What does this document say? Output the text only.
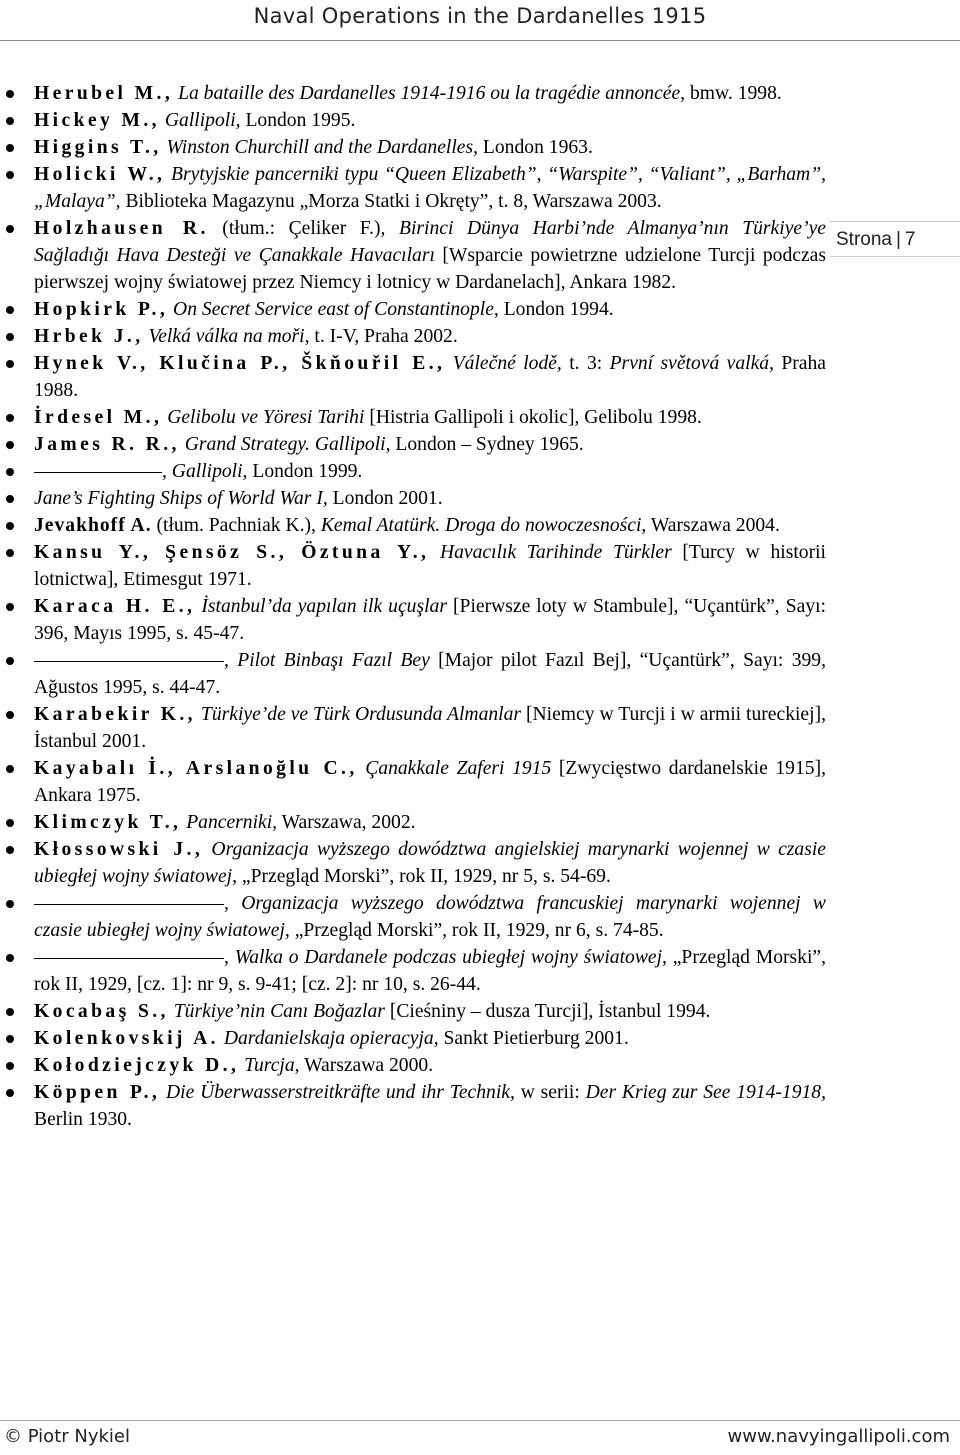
Naval Operations in the Dardanelles 1915
Strona | 7
Herubel M., La bataille des Dardanelles 1914-1916 ou la tragédie annoncée, bmw. 1998.
Hickey M., Gallipoli, London 1995.
Higgins T., Winston Churchill and the Dardanelles, London 1963.
Holicki W., Brytyjskie pancerniki typu “Queen Elizabeth”, “Warspite”, “Valiant”, „Barham”, „Malaya”, Biblioteka Magazynu „Morza Statki i Okręty”, t. 8, Warszawa 2003.
Holzhausen R. (tłum.: Çeliker F.), Birinci Dünya Harbi’nde Almanya’nın Türkiye’ye Sağladığı Hava Desteği ve Çanakkale Havacıları [Wsparcie powietrzne udzielone Turcji podczas pierwszej wojny światowej przez Niemcy i lotnicy w Dardanelach], Ankara 1982.
Hopkirk P., On Secret Service east of Constantinople, London 1994.
Hrbek J., Velká válka na moři, t. I-V, Praha 2002.
Hynek V., Klučina P., Škňouřil E., Válečné lodě, t. 3: První světová valká, Praha 1988.
İrdesel M., Gelibolu ve Yöresi Tarihi [Histria Gallipoli i okolic], Gelibolu 1998.
James R. R., Grand Strategy. Gallipoli, London – Sydney 1965.
, Gallipoli, London 1999.
Jane’s Fighting Ships of World War I, London 2001.
Jevakhoff A. (tłum. Pachniak K.), Kemal Atatürk. Droga do nowoczesności, Warszawa 2004.
Kansu Y., Şensöz S., Öztuna Y., Havacılık Tarihinde Türkler [Turcy w historii lotnictwa], Etimesgut 1971.
Karaca H. E., İstanbul’da yapılan ilk uçuşlar [Pierwsze loty w Stambule], “Uçantürk”, Sayı: 396, Mayıs 1995, s. 45-47.
, Pilot Binbaşı Fazıl Bey [Major pilot Fazıl Bej], “Uçantürk”, Sayı: 399, Ağustos 1995, s. 44-47.
Karabekir K., Türkiye’de ve Türk Ordusunda Almanlar [Niemcy w Turcji i w armii tureckiej], İstanbul 2001.
Kayabalı İ., Arslanoğlu C., Çanakkale Zaferi 1915 [Zwycięstwo dardanelskie 1915], Ankara 1975.
Klimczyk T., Pancerniki, Warszawa, 2002.
Kłossowski J., Organizacja wyższego dowództwa angielskiej marynarki wojennej w czasie ubiegłej wojny światowej, „Przegląd Morski”, rok II, 1929, nr 5, s. 54-69.
, Organizacja wyższego dowództwa francuskiej marynarki wojennej w czasie ubiegłej wojny światowej, „Przegląd Morski”, rok II, 1929, nr 6, s. 74-85.
, Walka o Dardanele podczas ubiegłej wojny światowej, „Przegląd Morski”, rok II, 1929, [cz. 1]: nr 9, s. 9-41; [cz. 2]: nr 10, s. 26-44.
Kocabaş S., Türkiye’nin Canı Boğazlar [Cieśniny – dusza Turcji], İstanbul 1994.
Kolenkovskij A. Dardanielskaja opieracyja, Sankt Pietierburg 2001.
Kołodziejczyk D., Turcja, Warszawa 2000.
Köppen P., Die Überwasserstreitkräfte und ihr Technik, w serii: Der Krieg zur See 1914-1918, Berlin 1930.
© Piotr Nykiel	www.navyingallipoli.com
